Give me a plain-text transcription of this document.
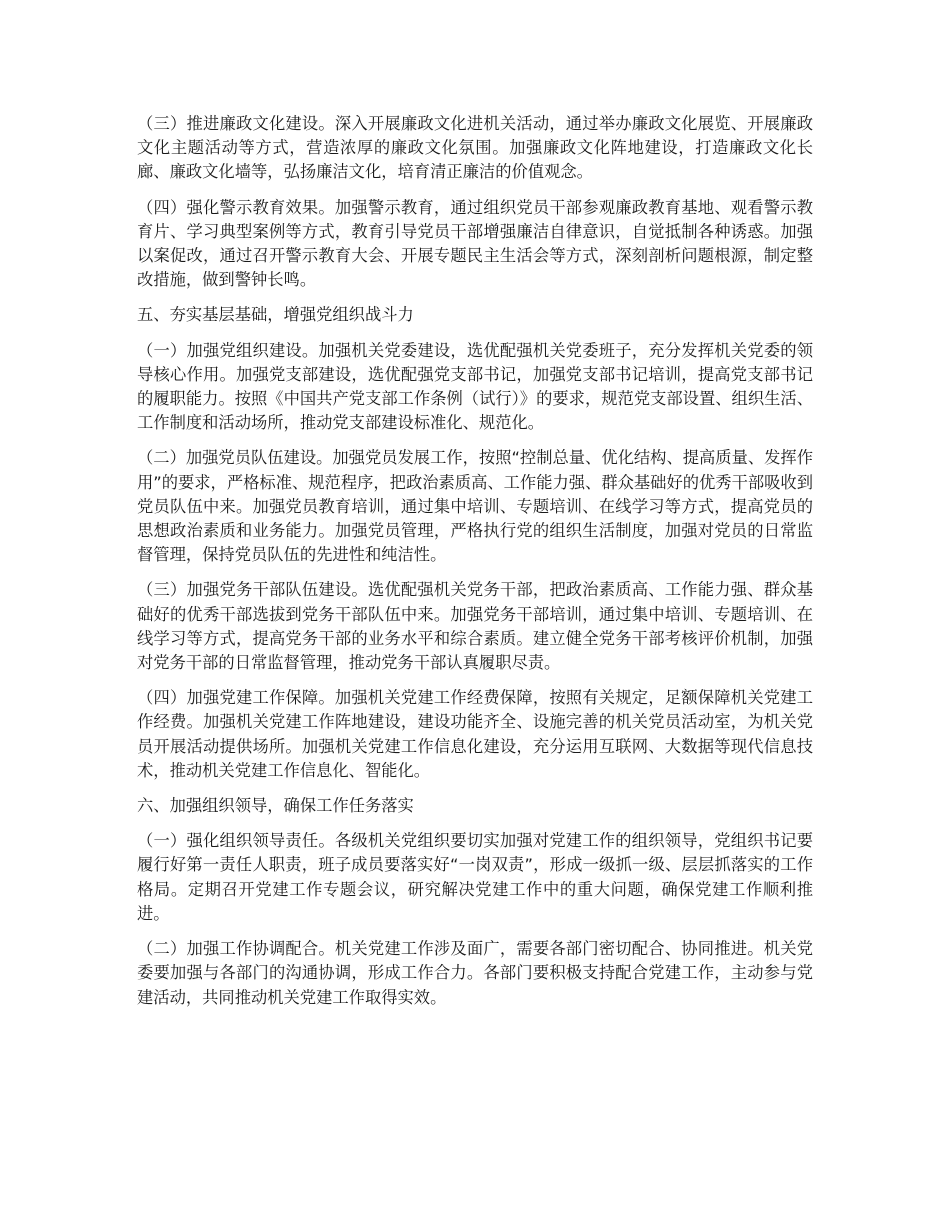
（三）推进廉政文化建设。深入开展廉政文化进机关活动，通过举办廉政文化展览、开展廉政文化主题活动等方式，营造浓厚的廉政文化氛围。加强廉政文化阵地建设，打造廉政文化长廊、廉政文化墙等，弘扬廉洁文化，培育清正廉洁的价值观念。

（四）强化警示教育效果。加强警示教育，通过组织党员干部参观廉政教育基地、观看警示教育片、学习典型案例等方式，教育引导党员干部增强廉洁自律意识，自觉抵制各种诱惑。加强以案促改，通过召开警示教育大会、开展专题民主生活会等方式，深刻剖析问题根源，制定整改措施，做到警钟长鸣。

五、夯实基层基础，增强党组织战斗力

（一）加强党组织建设。加强机关党委建设，选优配强机关党委班子，充分发挥机关党委的领导核心作用。加强党支部建设，选优配强党支部书记，加强党支部书记培训，提高党支部书记的履职能力。按照《中国共产党支部工作条例（试行）》的要求，规范党支部设置、组织生活、工作制度和活动场所，推动党支部建设标准化、规范化。

（二）加强党员队伍建设。加强党员发展工作，按照“控制总量、优化结构、提高质量、发挥作用”的要求，严格标准、规范程序，把政治素质高、工作能力强、群众基础好的优秀干部吸收到党员队伍中来。加强党员教育培训，通过集中培训、专题培训、在线学习等方式，提高党员的思想政治素质和业务能力。加强党员管理，严格执行党的组织生活制度，加强对党员的日常监督管理，保持党员队伍的先进性和纯洁性。

（三）加强党务干部队伍建设。选优配强机关党务干部，把政治素质高、工作能力强、群众基础好的优秀干部选拔到党务干部队伍中来。加强党务干部培训，通过集中培训、专题培训、在线学习等方式，提高党务干部的业务水平和综合素质。建立健全党务干部考核评价机制，加强对党务干部的日常监督管理，推动党务干部认真履职尽责。

（四）加强党建工作保障。加强机关党建工作经费保障，按照有关规定，足额保障机关党建工作经费。加强机关党建工作阵地建设，建设功能齐全、设施完善的机关党员活动室，为机关党员开展活动提供场所。加强机关党建工作信息化建设，充分运用互联网、大数据等现代信息技术，推动机关党建工作信息化、智能化。

六、加强组织领导，确保工作任务落实

（一）强化组织领导责任。各级机关党组织要切实加强对党建工作的组织领导，党组织书记要履行好第一责任人职责，班子成员要落实好“一岗双责”，形成一级抓一级、层层抓落实的工作格局。定期召开党建工作专题会议，研究解决党建工作中的重大问题，确保党建工作顺利推进。

（二）加强工作协调配合。机关党建工作涉及面广，需要各部门密切配合、协同推进。机关党委要加强与各部门的沟通协调，形成工作合力。各部门要积极支持配合党建工作，主动参与党建活动，共同推动机关党建工作取得实效。
